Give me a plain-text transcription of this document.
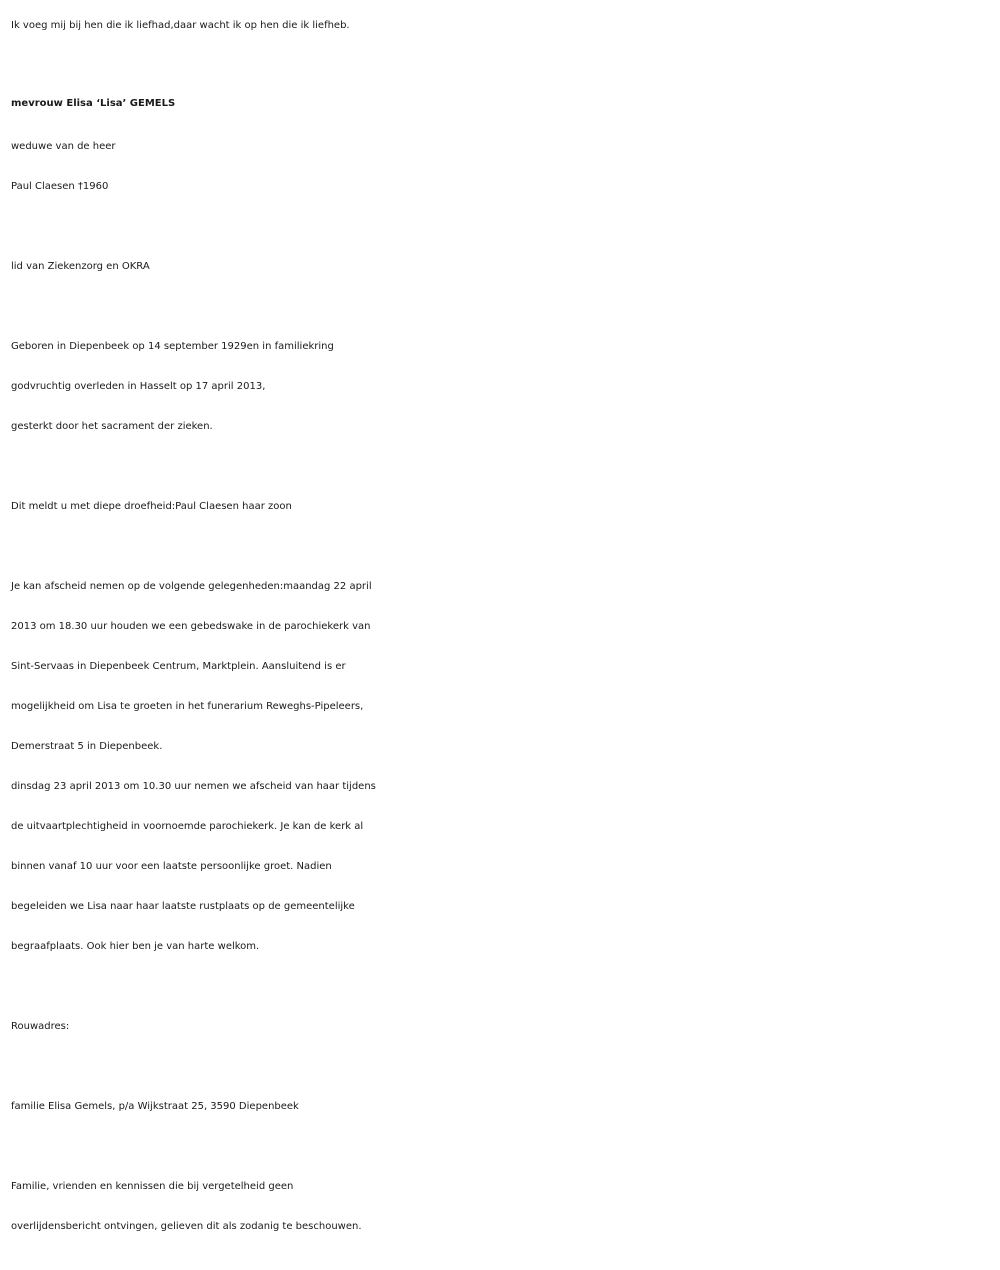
Ik voeg mij bij hen die ik liefhad,daar wacht ik op hen die ik liefheb.
mevrouw Elisa ‘Lisa’ GEMELS
weduwe van de heer
Paul Claesen †1960
lid van Ziekenzorg en OKRA
Geboren in Diepenbeek op 14 september 1929en in familiekring
godvruchtig overleden in Hasselt op 17 april 2013,
gesterkt door het sacrament der zieken.
Dit meldt u met diepe droefheid:Paul Claesen haar zoon
Je kan afscheid nemen op de volgende gelegenheden:maandag 22 april
2013 om 18.30 uur houden we een gebedswake in de parochiekerk van
Sint-Servaas in Diepenbeek Centrum, Marktplein. Aansluitend is er
mogelijkheid om Lisa te groeten in het funerarium Reweghs-Pipeleers,
Demerstraat 5 in Diepenbeek.
dinsdag 23 april 2013 om 10.30 uur nemen we afscheid van haar tijdens
de uitvaartplechtigheid in voornoemde parochiekerk. Je kan de kerk al
binnen vanaf 10 uur voor een laatste persoonlijke groet. Nadien
begeleiden we Lisa naar haar laatste rustplaats op de gemeentelijke
begraafplaats. Ook hier ben je van harte welkom.
Rouwadres:
familie Elisa Gemels, p/a Wijkstraat 25, 3590 Diepenbeek
Familie, vrienden en kennissen die bij vergetelheid geen
overlijdensbericht ontvingen, gelieven dit als zodanig te beschouwen.
